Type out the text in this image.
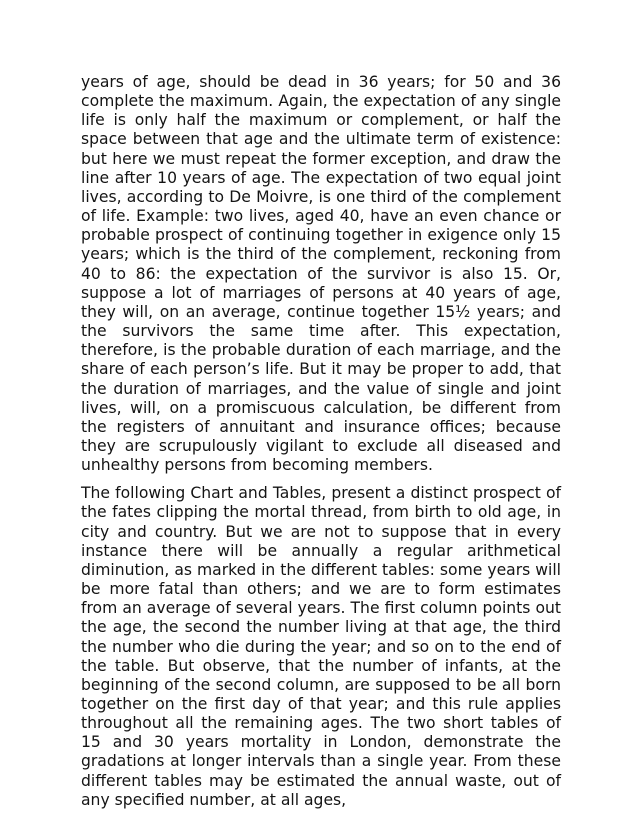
years of age, should be dead in 36 years; for 50 and 36 complete the maximum. Again, the expectation of any single life is only half the maximum or complement, or half the space between that age and the ultimate term of existence: but here we must repeat the former exception, and draw the line after 10 years of age. The expectation of two equal joint lives, according to De Moivre, is one third of the complement of life. Example: two lives, aged 40, have an even chance or probable prospect of continuing together in exigence only 15 years; which is the third of the complement, reckoning from 40 to 86: the expectation of the survivor is also 15. Or, suppose a lot of marriages of persons at 40 years of age, they will, on an average, continue together 15½ years; and the survivors the same time after. This expectation, therefore, is the probable duration of each marriage, and the share of each person’s life. But it may be proper to add, that the duration of marriages, and the value of single and joint lives, will, on a promiscuous calculation, be different from the registers of annuitant and insurance offices; because they are scrupulously vigilant to exclude all diseased and unhealthy persons from becoming members.

The following Chart and Tables, present a distinct prospect of the fates clipping the mortal thread, from birth to old age, in city and country. But we are not to suppose that in every instance there will be annually a regular arithmetical diminution, as marked in the different tables: some years will be more fatal than others; and we are to form estimates from an average of several years. The first column points out the age, the second the number living at that age, the third the number who die during the year; and so on to the end of the table. But observe, that the number of infants, at the beginning of the second column, are supposed to be all born together on the first day of that year; and this rule applies throughout all the remaining ages. The two short tables of 15 and 30 years mortality in London, demonstrate the gradations at longer intervals than a single year. From these different tables may be estimated the annual waste, out of any specified number, at all ages,
